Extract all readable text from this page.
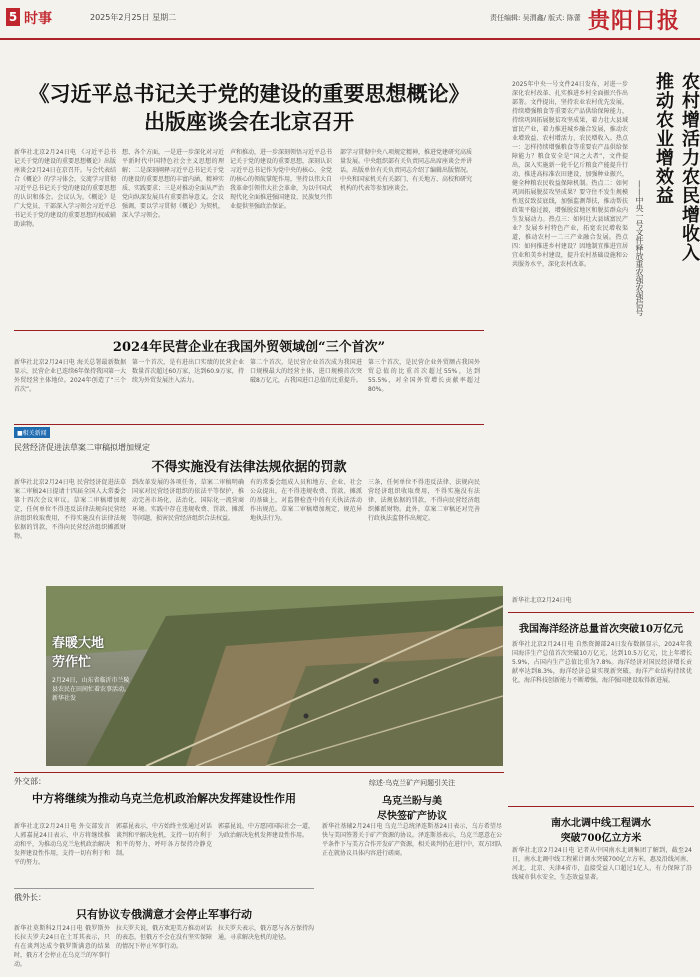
5 时事	2025年2月25日 星期二	责任编辑: 吴渭鑫/ 版式: 陈蕾 贵阳日报
《习近平总书记关于党的建设的重要思想概论》
出版座谈会在北京召开
新华社北京2月24日电 《习近平总书记关于党的建设的重要思想概论》出版座谈会2月24日在京召开。与会代表结合《概论》的学习体会，交流学习贯彻习近平总书记关于党的建设的重要思想的认识和体会。会议认为，《概论》是广大党员、干部深入学习领会习近平总书记关于党的建设的重要思想的权威辅助读物。
想、各个方面，一是进一步深化对习近平新时代中国特色社会主义思想的理解；二是深刻阐释习近平总书记关于党的建设的重要思想的丰富内涵、精神实质、实践要求；三是对推动全面从严治党向纵深发展具有重要指导意义。会议强调，要以学习贯彻《概论》为契机，深入学习领会。
声和推动，进一步深刻领悟习近平总书记关于党的建设的重要思想，深刻认识习近平总书记作为党中央的核心、全党的核心的领航掌舵作用，坚持以伟大自我革命引领伟大社会革命，为以中国式现代化全面推进强国建设、民族复兴伟业提供坚强政治保证。
部学习贯彻中央八项规定精神，推进党建研究高质量发展。中央组织部有关负责同志出席座谈会并讲话。出版单位有关负责同志介绍了编辑出版情况。中央和国家机关有关部门、有关地方、高校和研究机构的代表等参加座谈会。
2024年民营企业在我国外贸领域创“三个首次”
新华社北京2月24日电 海关总署最新数据显示，民营企业已连续6年保持我国第一大外贸经营主体地位。2024年创造了“三个首次”。
第一个首次，是有进出口实绩的民营企业数量首次超过60万家，达到60.9万家，持续为外贸发展注入活力。
第二个首次，是民营企业首次成为我国进口规模最大的经营主体，进口规模首次突破8万亿元，占我国进口总值的比重提升。
第三个首次，是民营企业外贸额占我国外贸总值的比重首次超过55%，达到55.5%，对全国外贸增长贡献率超过80%。
■相关新闻
民营经济促进法草案二审稿拟增加规定
不得实施没有法律法规依据的罚款
新华社北京2月24日电 民营经济促进法草案二审稿24日提请十四届全国人大常委会第十四次会议审议。草案二审稿增加规定，任何单位不得违反法律法规向民营经济组织收取费用，不得实施没有法律法规依据的罚款，不得向民营经济组织摊派财物。
到改革发展的各项任务，草案二审稿明确国家对民营经济组织的依法平等保护，推动完善市场化、法治化、国际化一流营商环境。实践中存在违规收费、罚款、摊派等问题，损害民营经济组织合法权益。
有的常委会组成人员和地方、企业、社会公众提出，在不得违规收费、罚款、摊派的基础上，对监督检查中的有关执法活动作出规范。草案二审稿增加规定，规范异地执法行为。
三条，任何单位不得违反法律、法规向民营经济组织收取费用，不得实施没有法律、法规依据的罚款，不得向民营经济组织摊派财物。此外，草案二审稿还对完善行政执法监督作出规定。
春暖大地
劳作忙
2月24日，山东省临沂市兰陵县农民在田间忙着农事活动。新华社发
推动农业增效益 农村增活力农民增收入
——中央一号文件释放重农强农强信号
2025年中央一号文件24日发布，对进一步深化农村改革、扎实推进乡村全面振兴作出部署。文件提出，坚持农业农村优先发展，持续增强粮食等重要农产品供给保障能力，持续巩固拓展脱贫攻坚成果，着力壮大县域富民产业，着力推进城乡融合发展，推动农业增效益、农村增活力、农民增收入。热点一：怎样持续增强粮食等重要农产品供给保障能力？粮食安全是“国之大者”，文件提出，深入实施新一轮千亿斤粮食产能提升行动，推进高标准农田建设，加强种业振兴，健全种粮农民收益保障机制。热点二：如何巩固拓展脱贫攻坚成果？要守住不发生规模性返贫致贫底线，加强监测帮扶，推动帮扶政策平稳过渡，增强脱贫地区和脱贫群众内生发展动力。热点三：如何壮大县域富民产业？发展乡村特色产业，拓宽农民增收渠道，推动农村一二三产业融合发展。热点四：如何推进乡村建设？因地制宜推进宜居宜业和美乡村建设，提升农村基础设施和公共服务水平，深化农村改革。
新华社北京2月24日电
我国海洋经济总量首次突破10万亿元
新华社北京2月24日电 自然资源部24日发布数据显示，2024年我国海洋生产总值首次突破10万亿元，达到10.5万亿元，比上年增长5.9%，占国内生产总值比重为7.8%。海洋经济对国民经济增长贡献率达到8.3%，海洋经济总量实现新突破，海洋产业结构持续优化，海洋科技创新能力不断增强，海洋强国建设取得新进展。
外交部：
中方将继续为推动乌克兰危机政治解决发挥建设性作用
新华社北京2月24日电 外交部发言人郭嘉昆24日表示，中方将继续推动和平，为推动乌克兰危机政治解决发挥建设性作用，支持一切有利于和平的努力。
郭嘉昆表示，中方始终主张通过对话谈判和平解决危机，支持一切有利于和平的努力，呼吁各方保持冷静克制。
郭嘉昆说，中方愿同国际社会一道，为政治解决危机发挥建设性作用。
俄外长：
只有协议专俄满意才会停止军事行动
新华社莫斯科2月24日电 俄罗斯外长拉夫罗夫24日在土耳其表示，只有在谈判达成令俄罗斯满意的结果时，俄方才会停止在乌克兰的军事行动。
拉夫罗夫说，俄方欢迎美方推动对话的表态，但俄方不会在没有坚实保障的情况下停止军事行动。
拉夫罗夫表示，俄方愿与各方保持沟通，寻求解决危机的途径。
综述·乌克兰矿产问题引关注
乌克兰盼与美
尽快签矿产协议
新华社基辅2月24日电 乌克兰总统泽连斯基24日表示，乌方希望尽快与美国签署关于矿产资源的协议。泽连斯基表示，乌克兰愿意在公平条件下与美方合作开发矿产资源，相关谈判仍在进行中，双方团队正在就协议具体内容进行磋商。
南水北调中线工程调水
突破700亿立方米
新华社北京2月24日电 记者从中国南水北调集团了解到，截至24日，南水北调中线工程累计调水突破700亿立方米，惠及沿线河南、河北、北京、天津4省市，直接受益人口超过1亿人，有力保障了沿线城市供水安全，生态效益显著。
